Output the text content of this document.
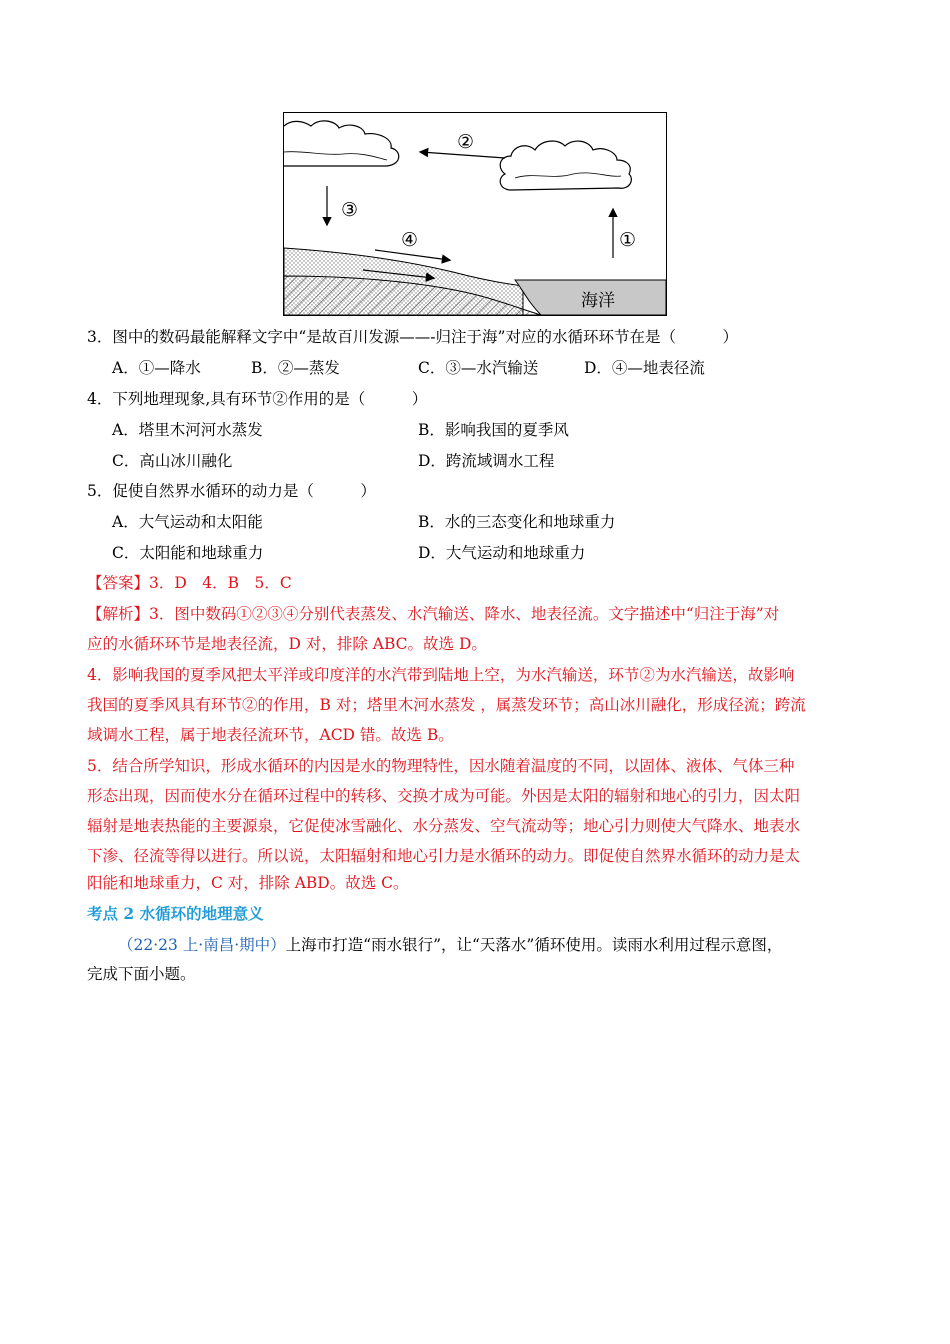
②
③
④	①
海洋
3．图中的数码最能解释文字中“是故百川发源——-归注于海”对应的水循环环节在是（　　　）
A．①—降水	B．②—蒸发	C．③—水汽输送	D．④—地表径流
4．下列地理现象,具有环节②作用的是（　　　）
A．塔里木河河水蒸发	B．影响我国的夏季风
C．高山冰川融化	D．跨流域调水工程
5．促使自然界水循环的动力是（　　　）
A．大气运动和太阳能	B．水的三态变化和地球重力
C．太阳能和地球重力	D．大气运动和地球重力
【答案】3．D　4．B　5．C
【解析】3．图中数码①②③④分别代表蒸发、水汽输送、降水、地表径流。文字描述中“归注于海”对
应的水循环环节是地表径流，D 对，排除 ABC。故选 D。
4．影响我国的夏季风把太平洋或印度洋的水汽带到陆地上空，为水汽输送，环节②为水汽输送，故影响
我国的夏季风具有环节②的作用，B 对；塔里木河水蒸发 ，属蒸发环节；高山冰川融化，形成径流；跨流
域调水工程，属于地表径流环节，ACD 错。故选 B。
5．结合所学知识，形成水循环的内因是水的物理特性，因水随着温度的不同，以固体、液体、气体三种
形态出现，因而使水分在循环过程中的转移、交换才成为可能。外因是太阳的辐射和地心的引力，因太阳
辐射是地表热能的主要源泉，它促使冰雪融化、水分蒸发、空气流动等；地心引力则使大气降水、地表水
下渗、径流等得以进行。所以说，太阳辐射和地心引力是水循环的动力。即促使自然界水循环的动力是太
阳能和地球重力，C 对，排除 ABD。故选 C。
考点 2 水循环的地理意义
（22·23 上·南昌·期中）上海市打造“雨水银行”，让“天落水”循环使用。读雨水利用过程示意图，
完成下面小题。
